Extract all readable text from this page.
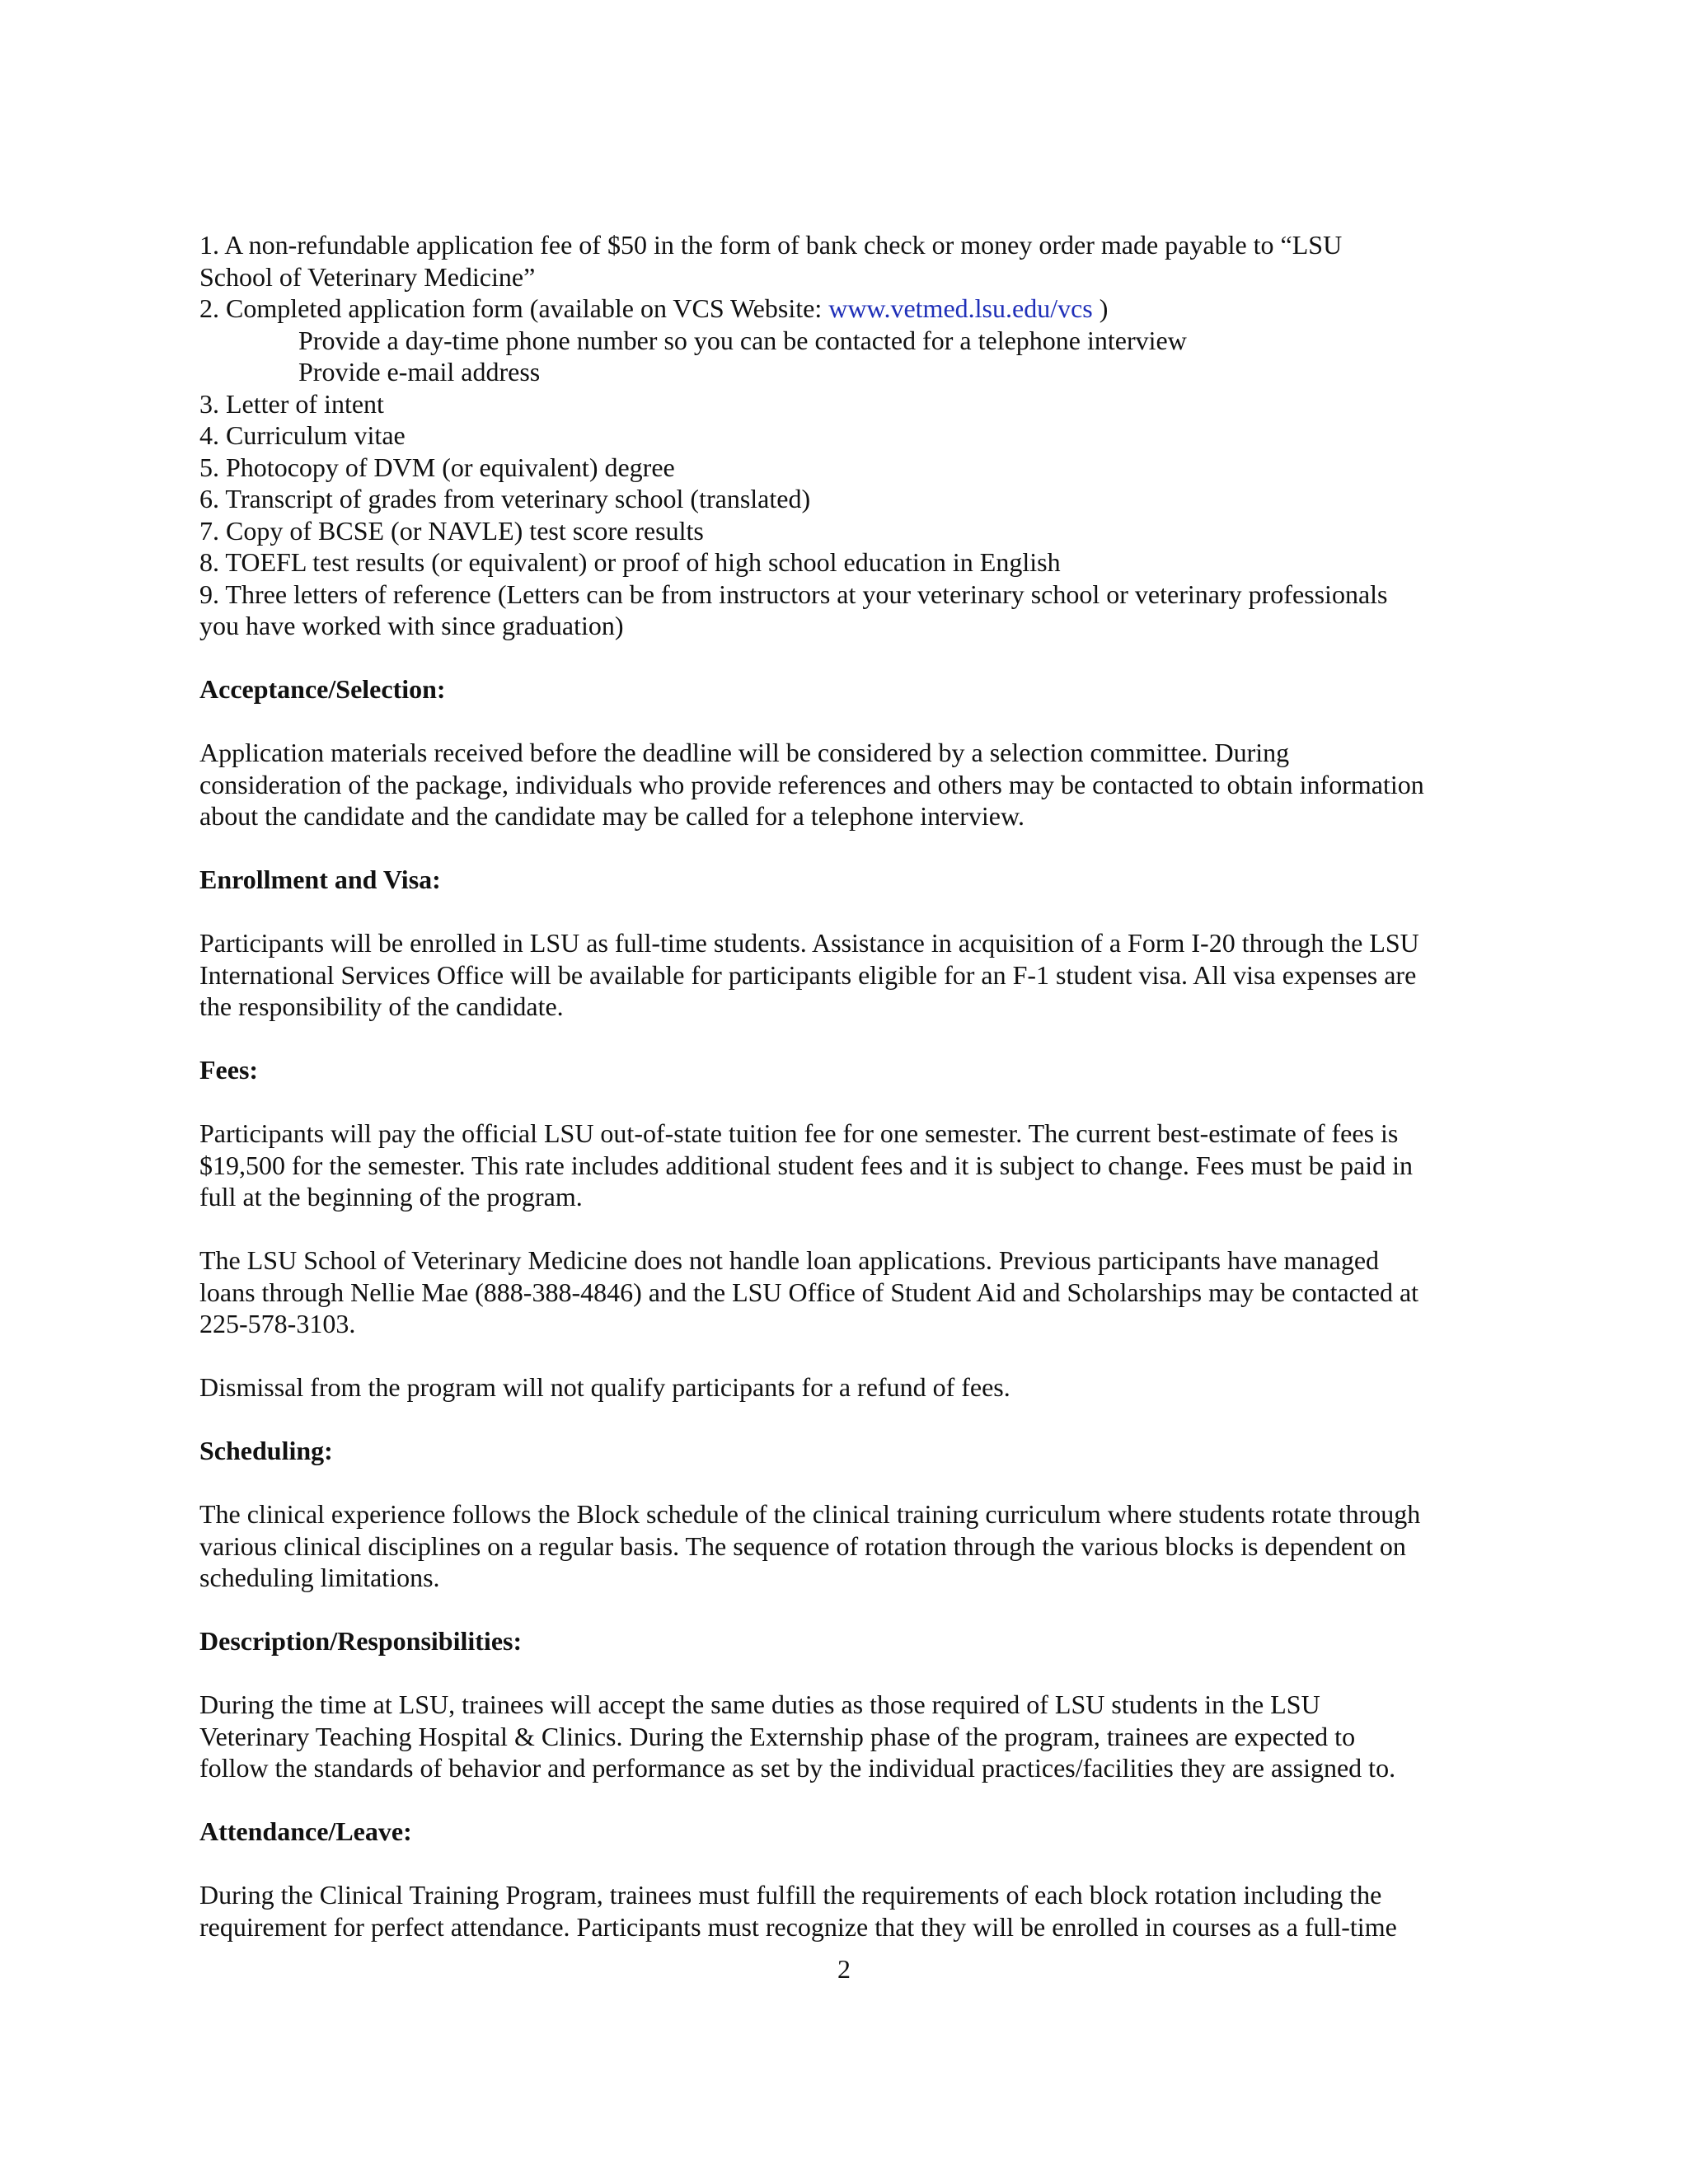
1. A non-refundable application fee of $50 in the form of bank check or money order made payable to “LSU
School of Veterinary Medicine”
2. Completed application form (available on VCS Website: www.vetmed.lsu.edu/vcs )
Provide a day-time phone number so you can be contacted for a telephone interview
Provide e-mail address
3. Letter of intent
4. Curriculum vitae
5. Photocopy of DVM (or equivalent) degree
6. Transcript of grades from veterinary school (translated)
7. Copy of BCSE (or NAVLE) test score results
8. TOEFL test results (or equivalent) or proof of high school education in English
9. Three letters of reference (Letters can be from instructors at your veterinary school or veterinary professionals
you have worked with since graduation)
Acceptance/Selection:
Application materials received before the deadline will be considered by a selection committee. During
consideration of the package, individuals who provide references and others may be contacted to obtain information
about the candidate and the candidate may be called for a telephone interview.
Enrollment and Visa:
Participants will be enrolled in LSU as full-time students. Assistance in acquisition of a Form I-20 through the LSU
International Services Office will be available for participants eligible for an F-1 student visa. All visa expenses are
the responsibility of the candidate.
Fees:
Participants will pay the official LSU out-of-state tuition fee for one semester. The current best-estimate of fees is
$19,500 for the semester. This rate includes additional student fees and it is subject to change. Fees must be paid in
full at the beginning of the program.
The LSU School of Veterinary Medicine does not handle loan applications. Previous participants have managed
loans through Nellie Mae (888-388-4846) and the LSU Office of Student Aid and Scholarships may be contacted at
225-578-3103.
Dismissal from the program will not qualify participants for a refund of fees.
Scheduling:
The clinical experience follows the Block schedule of the clinical training curriculum where students rotate through
various clinical disciplines on a regular basis. The sequence of rotation through the various blocks is dependent on
scheduling limitations.
Description/Responsibilities:
During the time at LSU, trainees will accept the same duties as those required of LSU students in the LSU
Veterinary Teaching Hospital & Clinics. During the Externship phase of the program, trainees are expected to
follow the standards of behavior and performance as set by the individual practices/facilities they are assigned to.
Attendance/Leave:
During the Clinical Training Program, trainees must fulfill the requirements of each block rotation including the
requirement for perfect attendance. Participants must recognize that they will be enrolled in courses as a full-time
2
